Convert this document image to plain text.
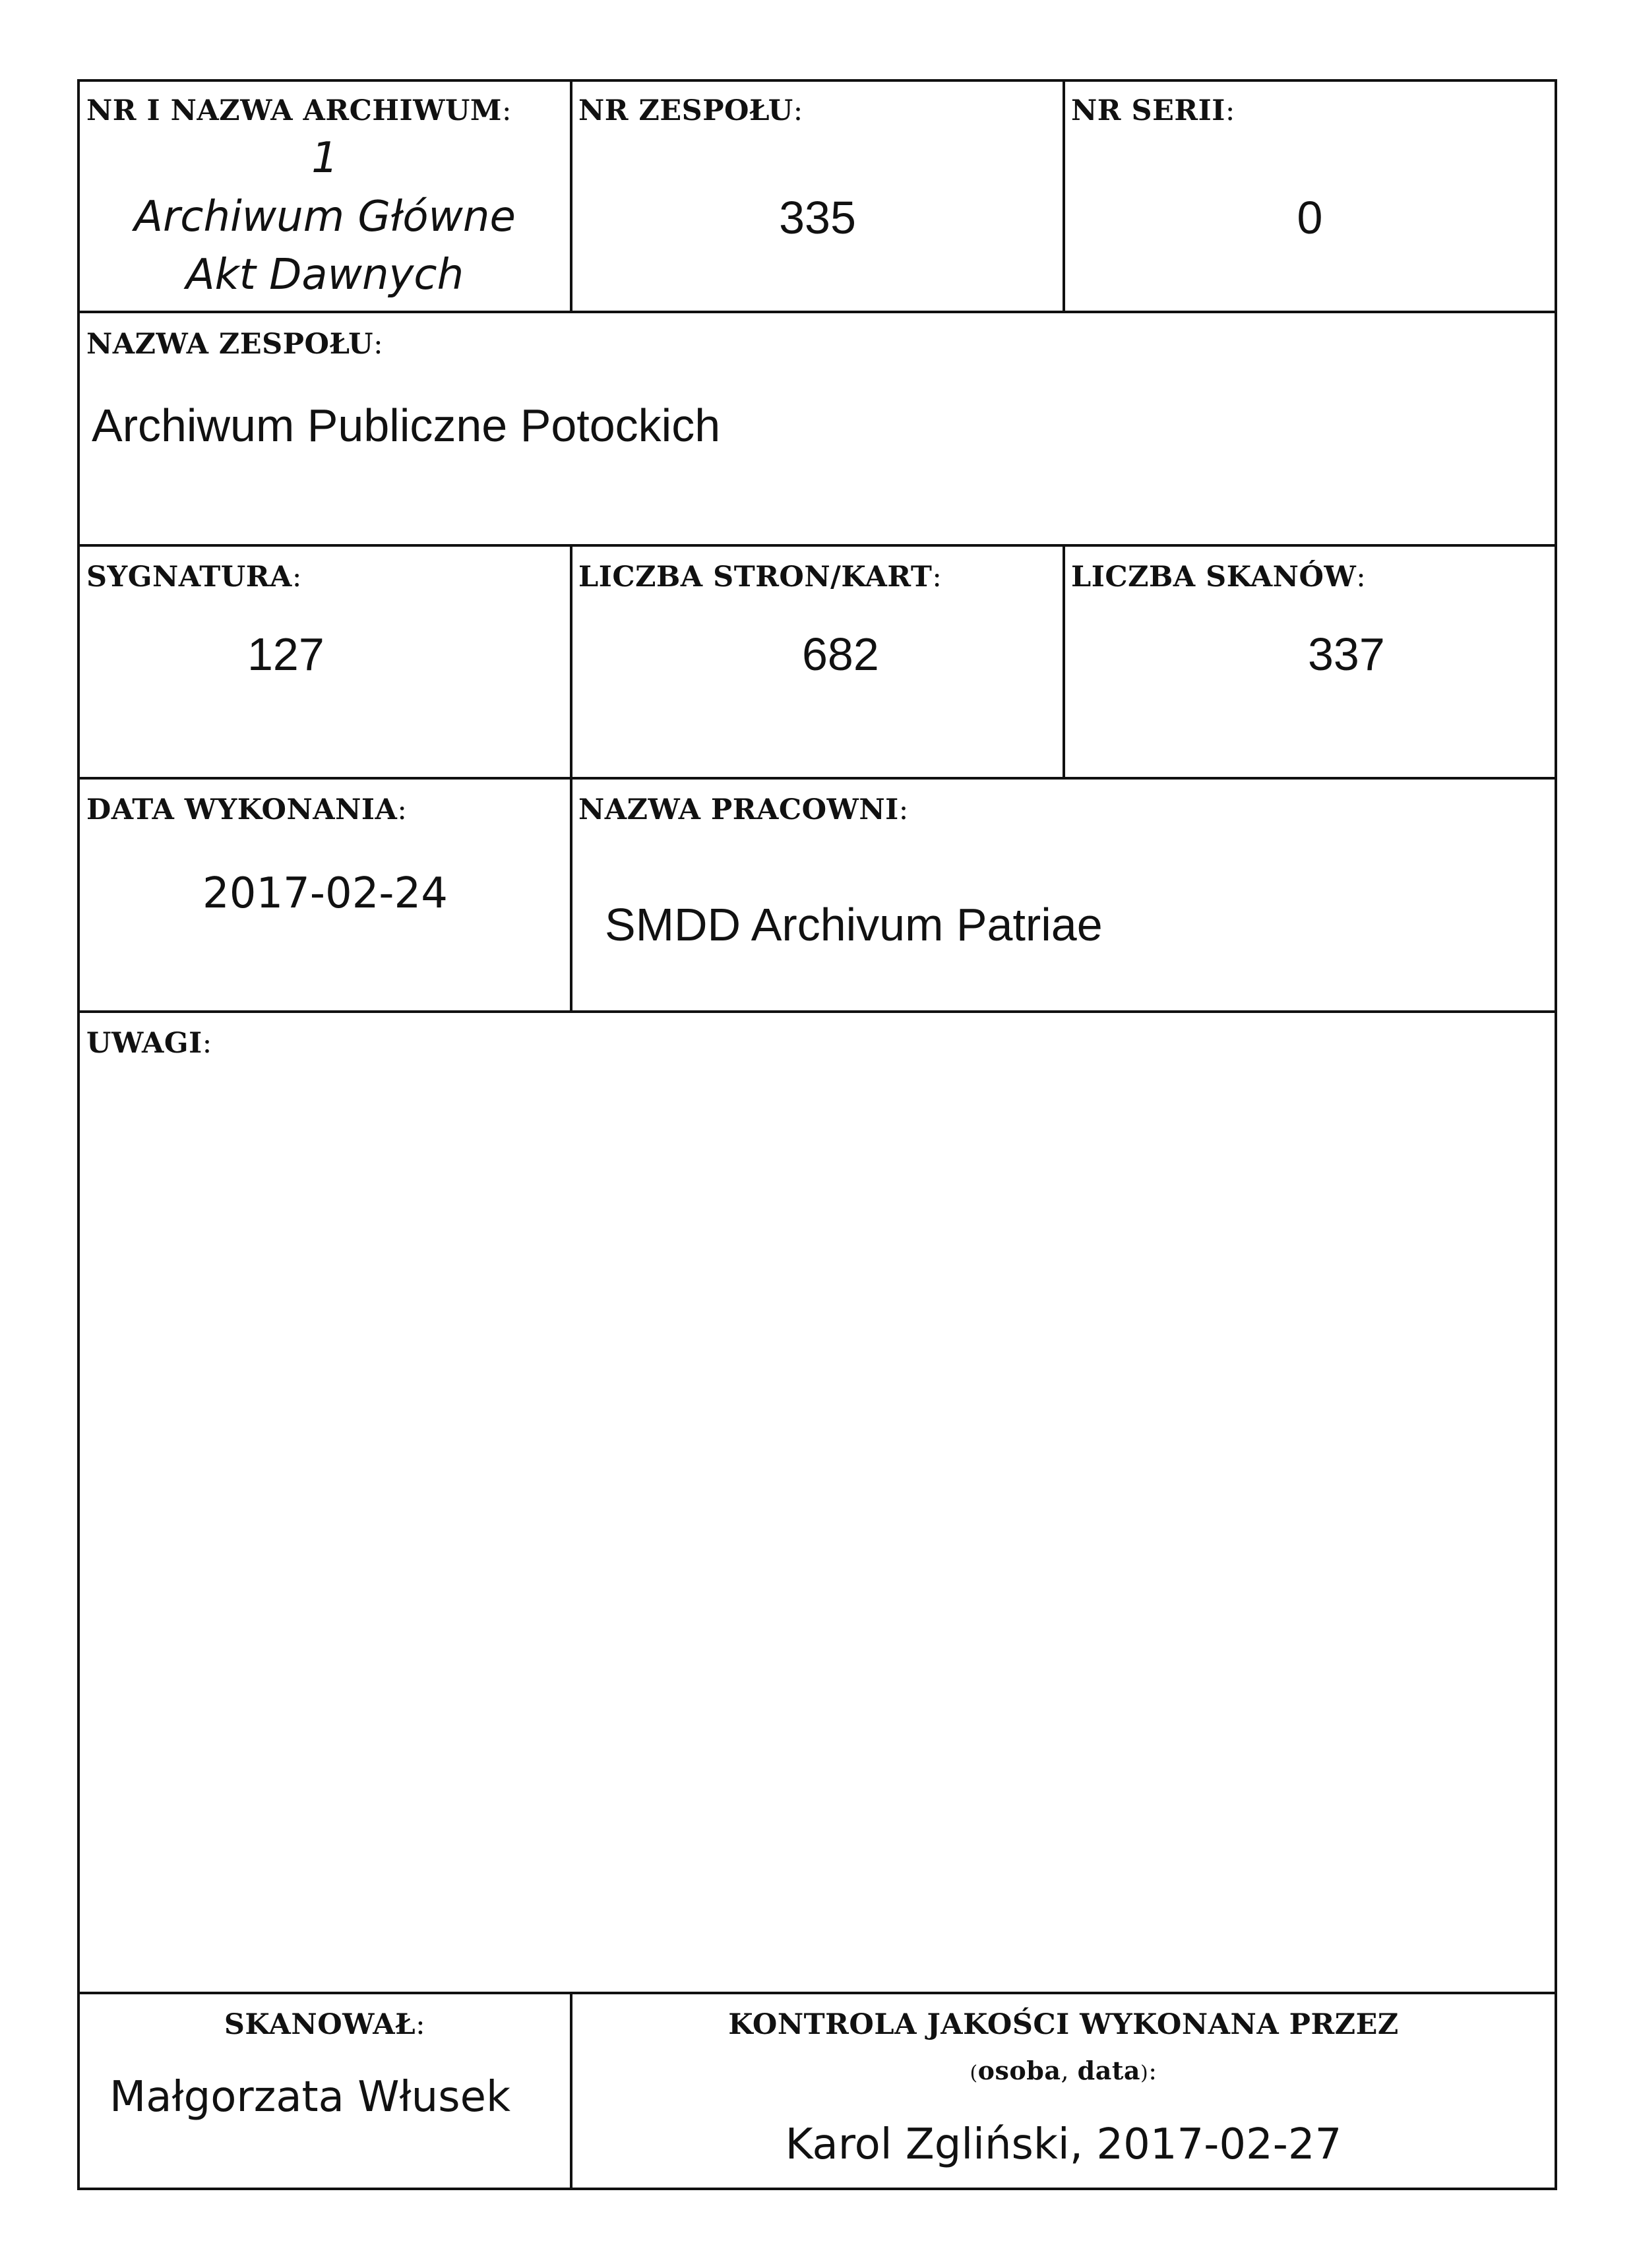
NR I NAZWA ARCHIWUM:
1
Archiwum Główne
Akt Dawnych
NR ZESPOŁU:
335
NR SERII:
0
NAZWA ZESPOŁU:
Archiwum Publiczne Potockich
SYGNATURA:
127
LICZBA STRON/KART:
682
LICZBA SKANÓW:
337
DATA WYKONANIA:
2017-02-24
NAZWA PRACOWNI:
SMDD Archivum Patriae
UWAGI:
SKANOWAŁ:
Małgorzata Włusek
KONTROLA JAKOŚCI WYKONANA PRZEZ
(osoba, data):
Karol Zgliński, 2017-02-27
